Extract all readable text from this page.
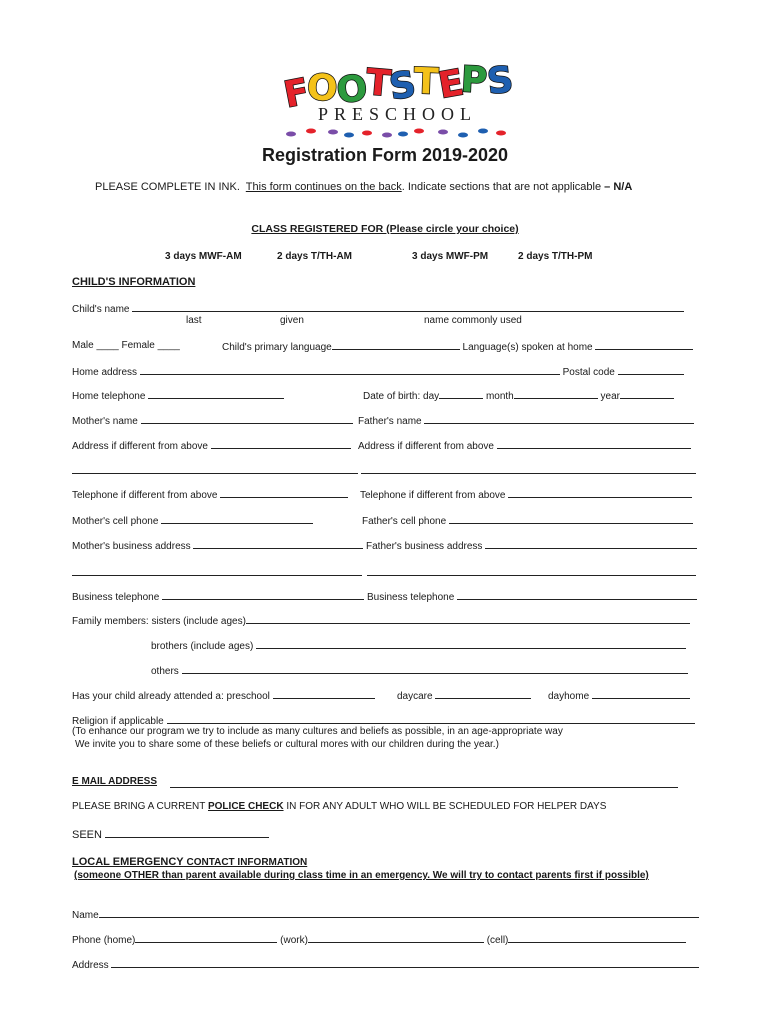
FOOTSTEPS
PRESCHOOL
Registration Form 2019-2020
PLEASE COMPLETE IN INK. This form continues on the back. Indicate sections that are not applicable – N/A
CLASS REGISTERED FOR (Please circle your choice)
3 days MWF-AM	2 days T/TH-AM	3 days MWF-PM	2 days T/TH-PM
CHILD'S INFORMATION
Child's name
last	given	name commonly used
Male ____ Female ____	Child's primary language	Language(s) spoken at home
Home address	Postal code
Home telephone	Date of birth: day	month	year
Mother's name	Father's name
Address if different from above	Address if different from above
Telephone if different from above	Telephone if different from above
Mother's cell phone	Father's cell phone
Mother's business address	Father's business address
Business telephone	Business telephone
Family members: sisters (include ages)
brothers (include ages)
others
Has your child already attended a: preschool	daycare	dayhome
Religion if applicable
(To enhance our program we try to include as many cultures and beliefs as possible, in an age-appropriate way
We invite you to share some of these beliefs or cultural mores with our children during the year.)
E MAIL ADDRESS
PLEASE BRING A CURRENT POLICE CHECK IN FOR ANY ADULT WHO WILL BE SCHEDULED FOR HELPER DAYS
SEEN
LOCAL EMERGENCY CONTACT INFORMATION
(someone OTHER than parent available during class time in an emergency. We will try to contact parents first if possible)
Name
Phone (home)	(work)	(cell)
Address
